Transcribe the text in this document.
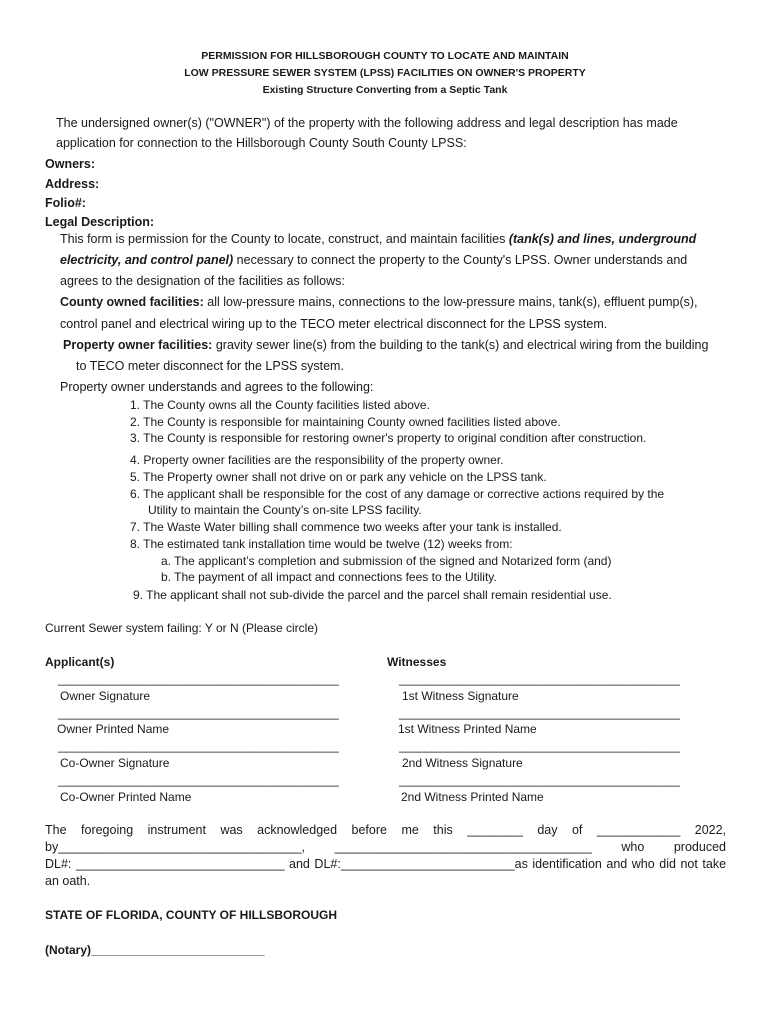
PERMISSION FOR HILLSBOROUGH COUNTY TO LOCATE AND MAINTAIN
LOW PRESSURE SEWER SYSTEM (LPSS) FACILITIES ON OWNER'S PROPERTY
Existing Structure Converting from a Septic Tank
The undersigned owner(s) ("OWNER") of the property with the following address and legal description has made
application for connection to the Hillsborough County South County LPSS:
Owners:
Address:
Folio#:
Legal Description:
This form is permission for the County to locate, construct, and maintain facilities (tank(s) and lines, underground
electricity, and control panel) necessary to connect the property to the County's LPSS. Owner understands and
agrees to the designation of the facilities as follows:
County owned facilities: all low-pressure mains, connections to the low-pressure mains, tank(s), effluent pump(s),
control panel and electrical wiring up to the TECO meter electrical disconnect for the LPSS system.
Property owner facilities: gravity sewer line(s) from the building to the tank(s) and electrical wiring from the building
to TECO meter disconnect for the LPSS system.
Property owner understands and agrees to the following:
1. The County owns all the County facilities listed above.
2. The County is responsible for maintaining County owned facilities listed above.
3. The County is responsible for restoring owner's property to original condition after construction.
4. Property owner facilities are the responsibility of the property owner.
5. The Property owner shall not drive on or park any vehicle on the LPSS tank.
6. The applicant shall be responsible for the cost of any damage or corrective actions required by the
Utility to maintain the County’s on-site LPSS facility.
7. The Waste Water billing shall commence two weeks after your tank is installed.
8. The estimated tank installation time would be twelve (12) weeks from:
a. The applicant’s completion and submission of the signed and Notarized form (and)
b. The payment of all impact and connections fees to the Utility.
9. The applicant shall not sub-divide the parcel and the parcel shall remain residential use.
Current Sewer system failing: Y or N (Please circle)
Applicant(s)	Witnesses
____________________________________________	____________________________________________
Owner Signature	1st Witness Signature
____________________________________________	____________________________________________
Owner Printed Name	1st Witness Printed Name
____________________________________________	____________________________________________
Co-Owner Signature	2nd Witness Signature
____________________________________________	____________________________________________
Co-Owner Printed Name	2nd Witness Printed Name
The foregoing instrument was acknowledged before me this ________ day of ____________ 2022,
by___________________________________, _____________________________________ who produced
DL#: ______________________________ and DL#:_________________________as identification and who did not take
an oath.
STATE OF FLORIDA, COUNTY OF HILLSBOROUGH
(Notary)__________________________
